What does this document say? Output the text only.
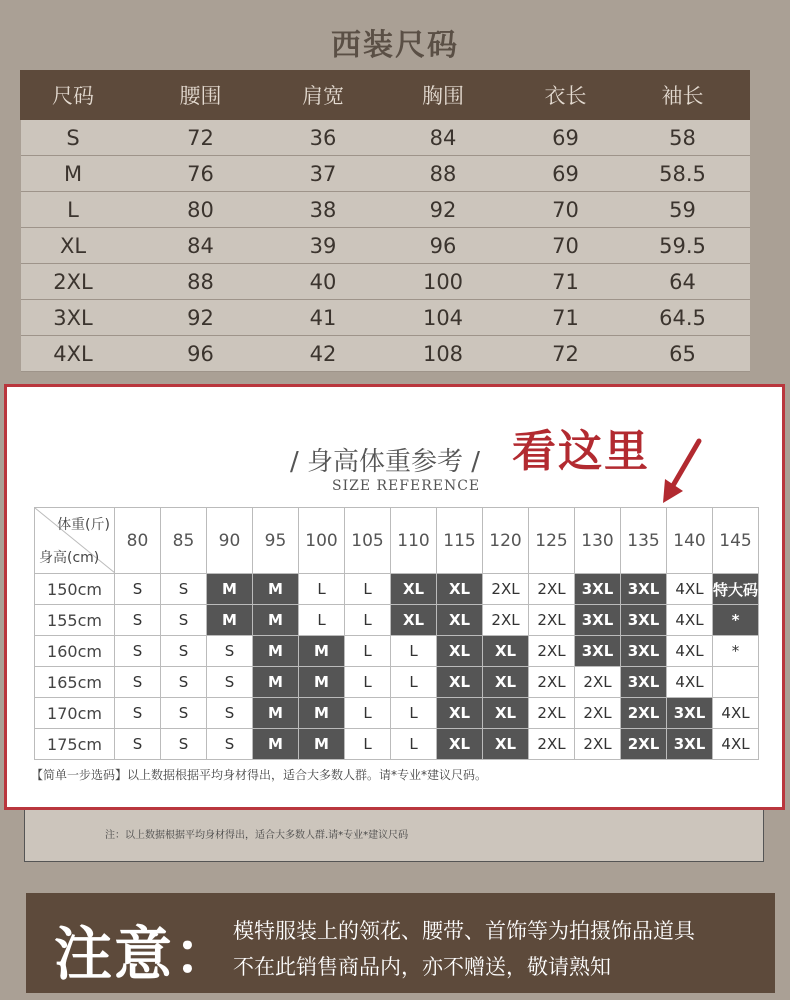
西装尺码
尺码	腰围	肩宽	胸围	衣长	袖长
S	72	36	84	69	58
M	76	37	88	69	58.5
L	80	38	92	70	59
XL	84	39	96	70	59.5
2XL	88	40	100	71	64
3XL	92	41	104	71	64.5
4XL	96	42	108	72	65
/ 身高体重参考 /
SIZE REFERENCE
看这里
体重(斤)
身高(cm)	80	85	90	95	100	105	110	115	120	125	130	135	140	145
150cm	S	S	M	M	L	L	XL	XL	2XL	2XL	3XL	3XL	4XL	特大码
155cm	S	S	M	M	L	L	XL	XL	2XL	2XL	3XL	3XL	4XL	*
160cm	S	S	S	M	M	L	L	XL	XL	2XL	3XL	3XL	4XL	*
165cm	S	S	S	M	M	L	L	XL	XL	2XL	2XL	3XL	4XL	
170cm	S	S	S	M	M	L	L	XL	XL	2XL	2XL	2XL	3XL	4XL
175cm	S	S	S	M	M	L	L	XL	XL	2XL	2XL	2XL	3XL	4XL
【简单一步选码】以上数据根据平均身材得出，适合大多数人群。请*专业*建议尺码。
注：以上数据根据平均身材得出，适合大多数人群.请*专业*建议尺码
注意：
模特服装上的领花、腰带、首饰等为拍摄饰品道具
不在此销售商品内，亦不赠送，敬请熟知
